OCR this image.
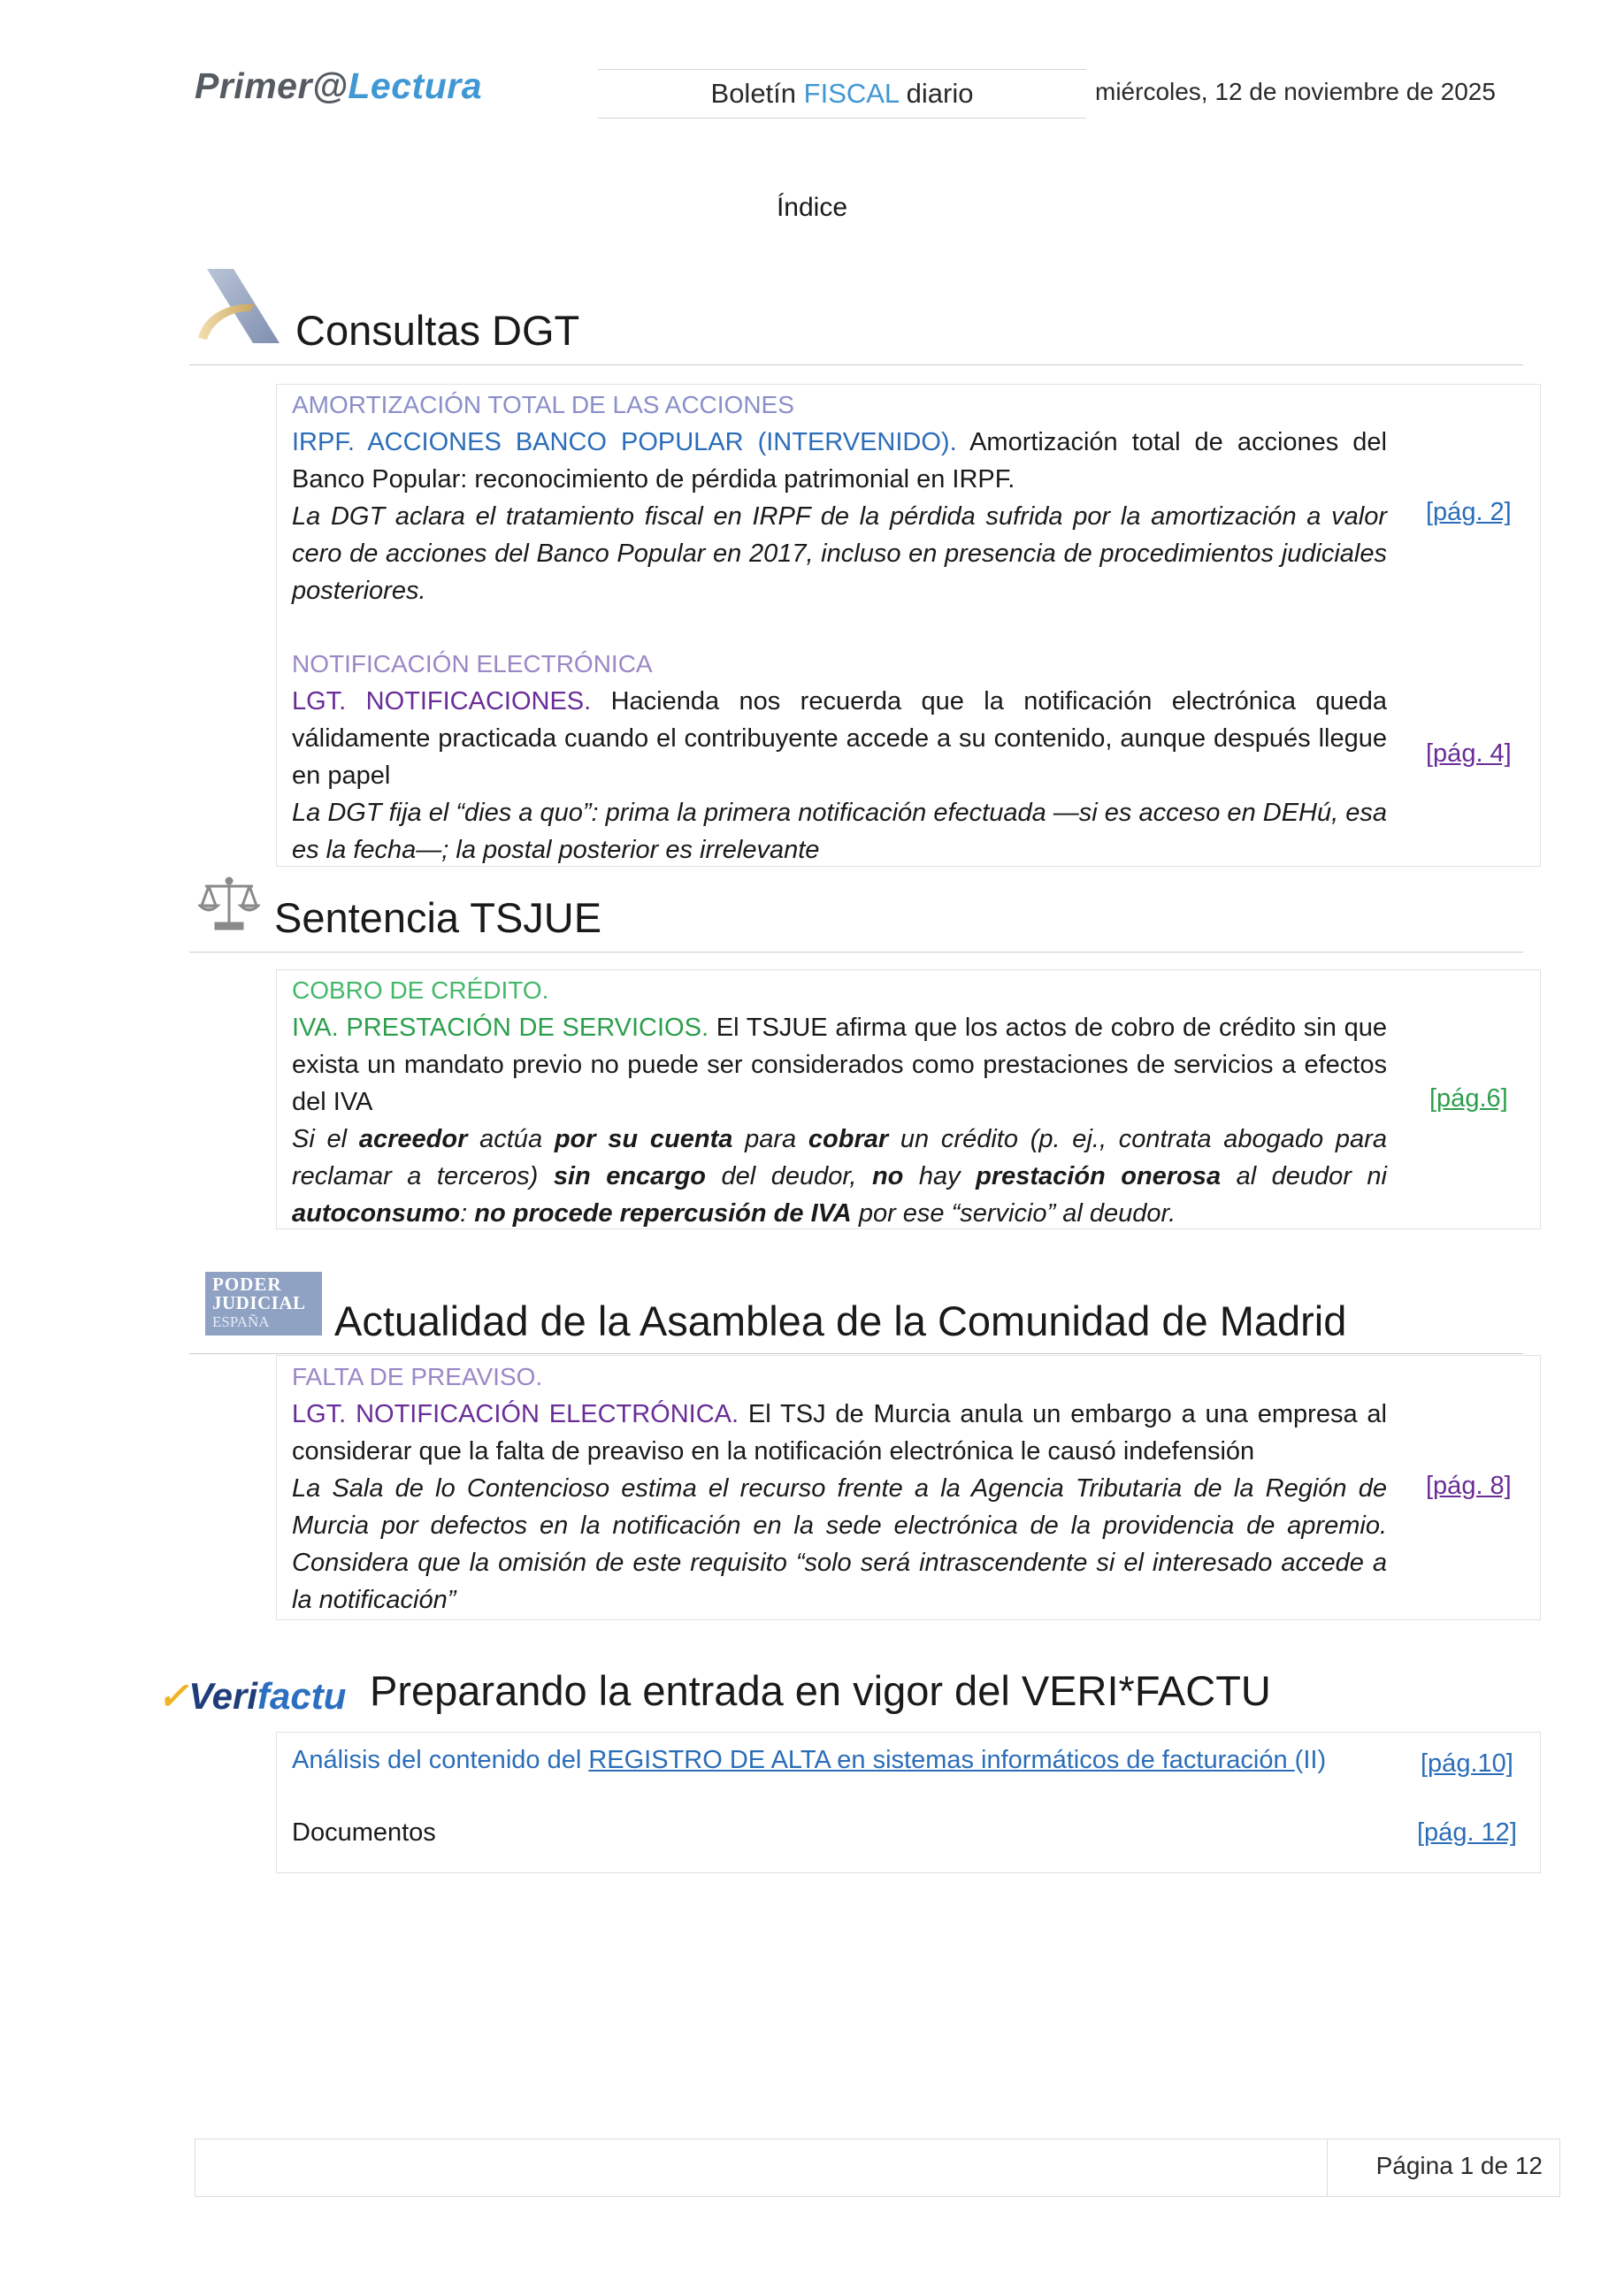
Primer@Lectura	Boletín FISCAL diario	miércoles, 12 de noviembre de 2025
Índice
Consultas DGT

AMORTIZACIÓN TOTAL DE LAS ACCIONES

IRPF. ACCIONES BANCO POPULAR (INTERVENIDO). Amortización total de acciones del Banco Popular: reconocimiento de pérdida patrimonial en IRPF.

La DGT aclara el tratamiento fiscal en IRPF de la pérdida sufrida por la amortización a valor cero de acciones del Banco Popular en 2017, incluso en presencia de procedimientos judiciales posteriores.

[pág. 2]

NOTIFICACIÓN ELECTRÓNICA

LGT. NOTIFICACIONES. Hacienda nos recuerda que la notificación electrónica queda válidamente practicada cuando el contribuyente accede a su contenido, aunque después llegue en papel

La DGT fija el “dies a quo”: prima la primera notificación efectuada —si es acceso en DEHú, esa es la fecha—; la postal posterior es irrelevante

[pág. 4]
Sentencia TSJUE

COBRO DE CRÉDITO.

IVA. PRESTACIÓN DE SERVICIOS. El TSJUE afirma que los actos de cobro de crédito sin que exista un mandato previo no puede ser considerados como prestaciones de servicios a efectos del IVA

Si el acreedor actúa por su cuenta para cobrar un crédito (p. ej., contrata abogado para reclamar a terceros) sin encargo del deudor, no hay prestación onerosa al deudor ni autoconsumo: no procede repercusión de IVA por ese “servicio” al deudor.

[pág.6]
PODER
JUDICIAL
ESPAÑA	Actualidad de la Asamblea de la Comunidad de Madrid

FALTA DE PREAVISO.

LGT. NOTIFICACIÓN ELECTRÓNICA. El TSJ de Murcia anula un embargo a una empresa al considerar que la falta de preaviso en la notificación electrónica le causó indefensión

La Sala de lo Contencioso estima el recurso frente a la Agencia Tributaria de la Región de Murcia por defectos en la notificación en la sede electrónica de la providencia de apremio. Considera que la omisión de este requisito “solo será intrascendente si el interesado accede a la notificación”

[pág. 8]
✓Verifactu Preparando la entrada en vigor del VERI*FACTU
Análisis del contenido del REGISTRO DE ALTA en sistemas informáticos de facturación (II)	[pág.10]
Documentos	[pág. 12]
Página 1 de 12
